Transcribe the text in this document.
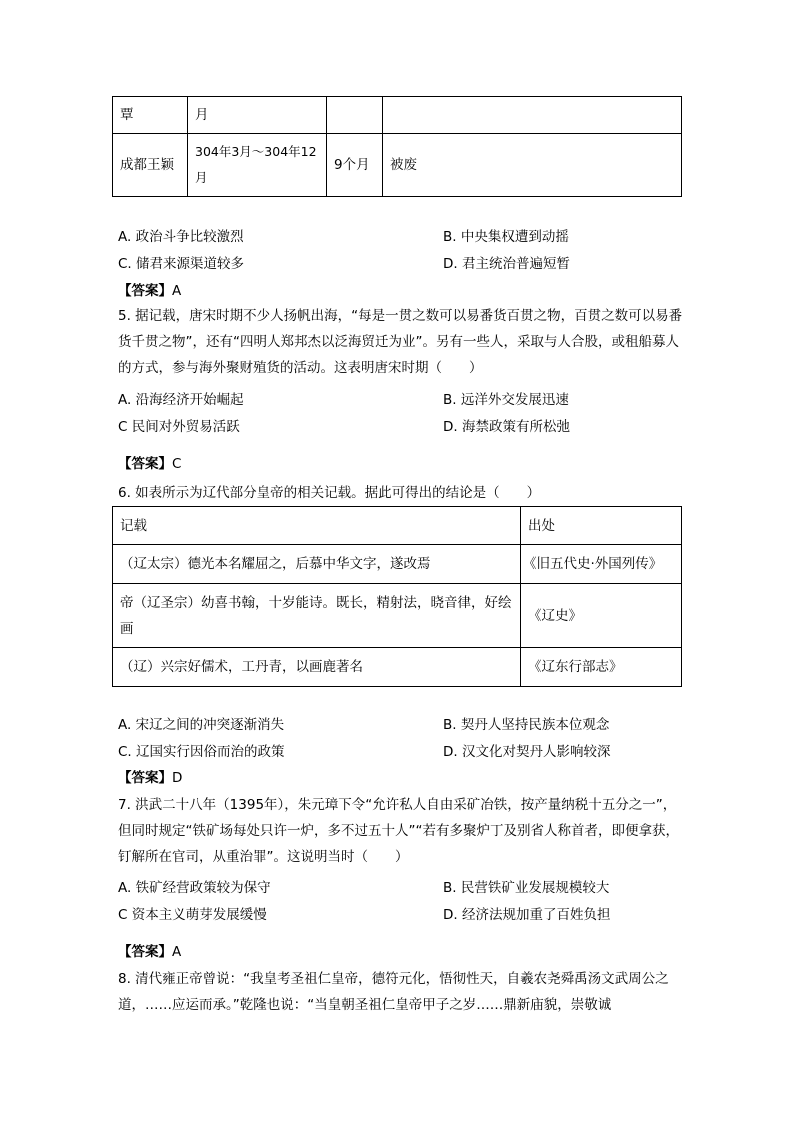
覃	月		
成都王颖	304年3月～304年12月	9个月	被废
A. 政治斗争比较激烈	B. 中央集权遭到动摇
C. 储君来源渠道较多	D. 君主统治普遍短暂
【答案】A
5. 据记载，唐宋时期不少人扬帆出海，“每是一贯之数可以易番货百贯之物，百贯之数可以易番货千贯之物”，还有“四明人郑邦杰以泛海贸迁为业”。另有一些人，采取与人合股，或租船募人的方式，参与海外聚财殖货的活动。这表明唐宋时期（　　）
A. 沿海经济开始崛起	B. 远洋外交发展迅速
C 民间对外贸易活跃	D. 海禁政策有所松弛
【答案】C
6. 如表所示为辽代部分皇帝的相关记载。据此可得出的结论是（　　）
记载	出处
（辽太宗）德光本名耀屈之，后慕中华文字，遂改焉	《旧五代史·外国列传》
帝（辽圣宗）幼喜书翰，十岁能诗。既长，精射法，晓音律，好绘画	《辽史》
（辽）兴宗好儒术，工丹青，以画鹿著名	《辽东行部志》
A. 宋辽之间的冲突逐渐消失	B. 契丹人坚持民族本位观念
C. 辽国实行因俗而治的政策	D. 汉文化对契丹人影响较深
【答案】D
7. 洪武二十八年（1395年），朱元璋下令“允许私人自由采矿冶铁，按产量纳税十五分之一”，但同时规定“铁矿场每处只许一炉，多不过五十人”“若有多聚炉丁及别省人称首者，即便拿获，钉解所在官司，从重治罪”。这说明当时（　　）
A. 铁矿经营政策较为保守	B. 民营铁矿业发展规模较大
C 资本主义萌芽发展缓慢	D. 经济法规加重了百姓负担
【答案】A
8. 清代雍正帝曾说：“我皇考圣祖仁皇帝，德符元化，悟彻性天，自羲农尧舜禹汤文武周公之道，……应运而承。”乾隆也说：“当皇朝圣祖仁皇帝甲子之岁……鼎新庙貌，崇敬诚
